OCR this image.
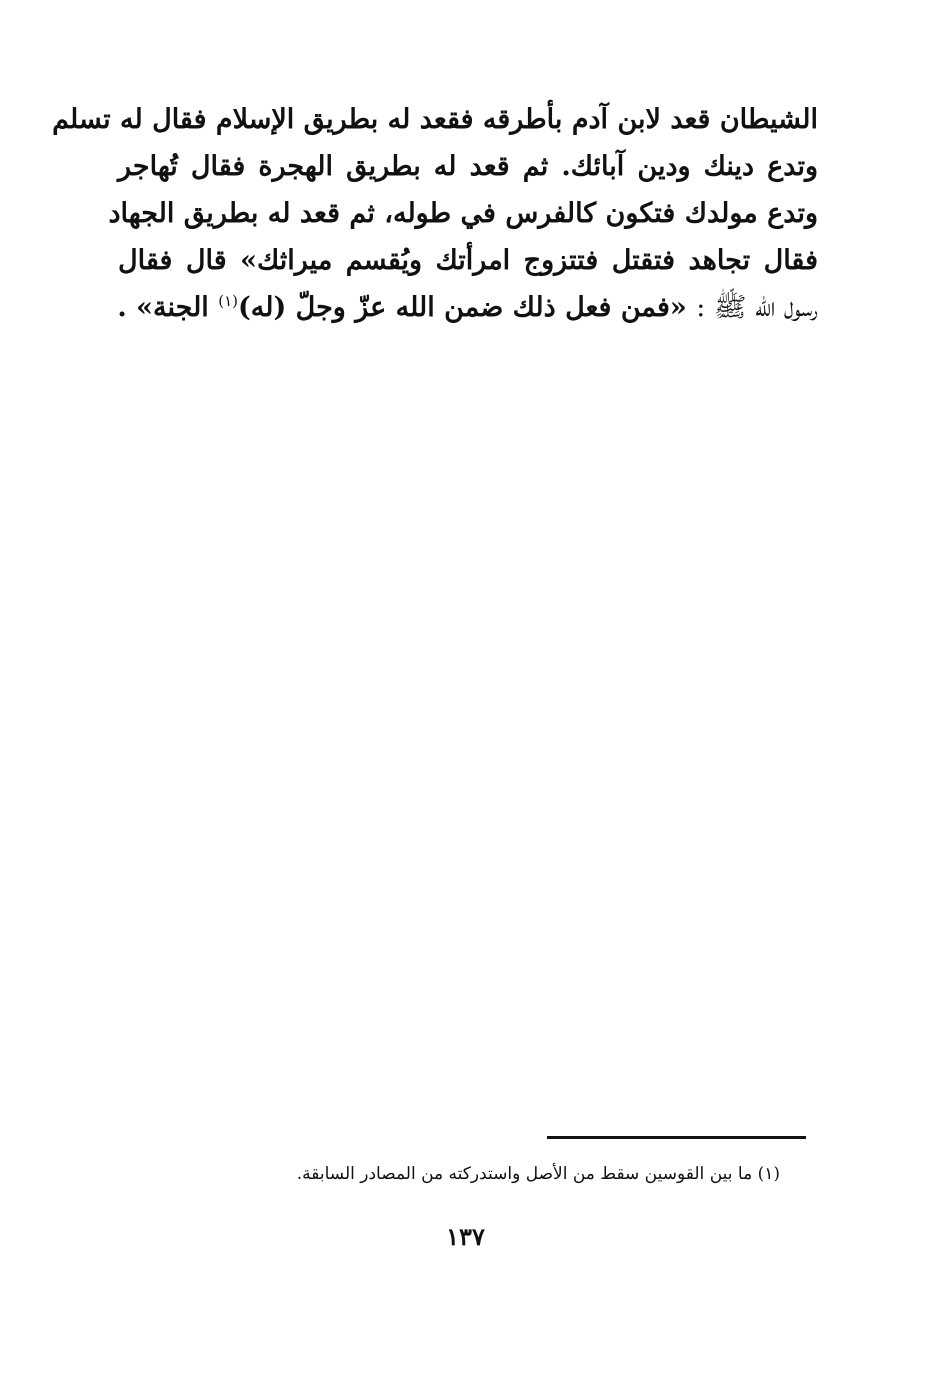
الشيطان قعد لابن آدم بأطرقه فقعد له بطريق الإسلام فقال له تسلم
وتدع دينك ودين آبائك. ثم قعد له بطريق الهجرة فقال تُهاجر
وتدع مولدك فتكون كالفرس في طوله، ثم قعد له بطريق الجهاد
فقال تجاهد فتقتل فتتزوج امرأتك ويُقسم ميراثك» قال فقال
رسول الله ﷺ : «فمن فعل ذلك ضمن الله عزّ وجلّ (له)$^{(١)}$ الجنة» .
(١) ما بين القوسين سقط من الأصل واستدركته من المصادر السابقة.
١٣٧
